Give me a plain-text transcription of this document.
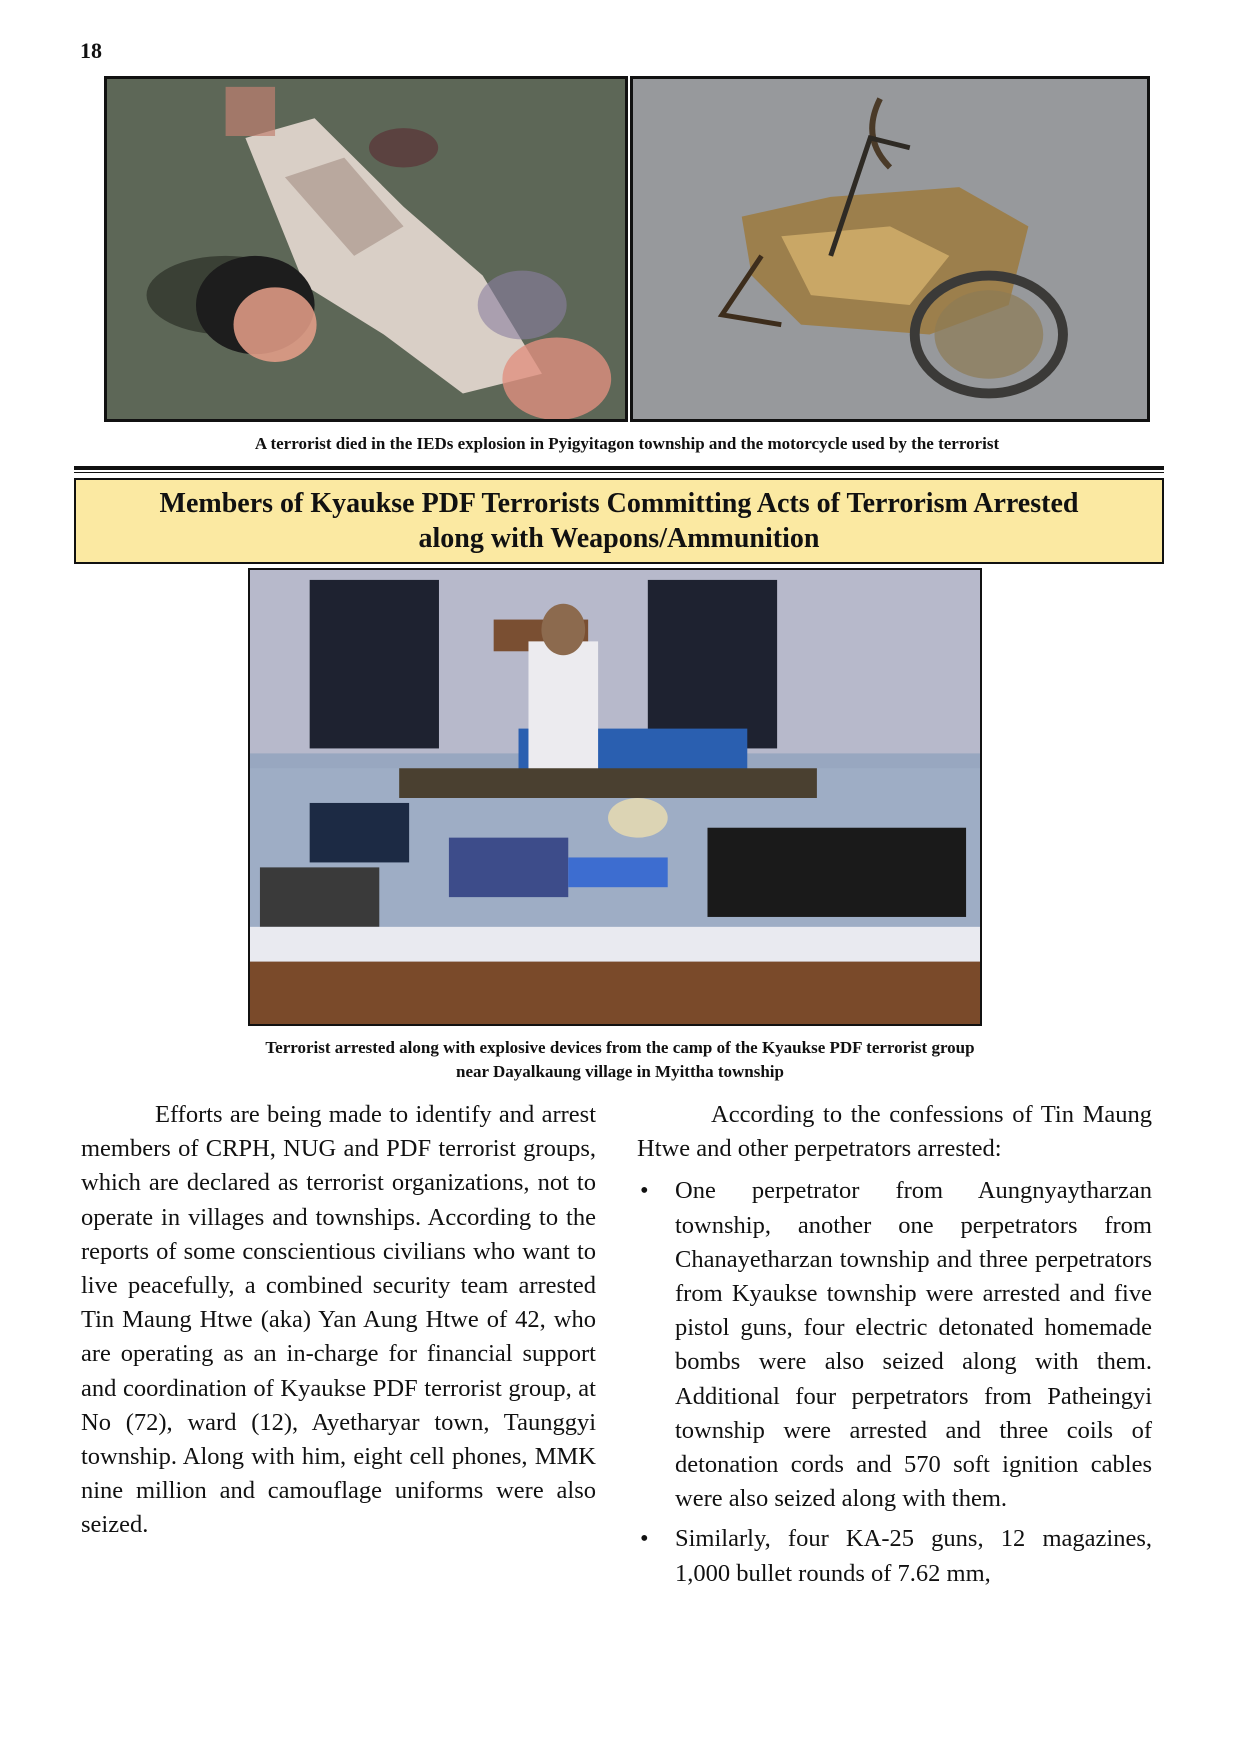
18
A terrorist died in the IEDs explosion in Pyigyitagon township and the motorcycle used by the terrorist
Members of Kyaukse PDF Terrorists Committing Acts of Terrorism Arrested
along with Weapons/Ammunition
Terrorist arrested along with explosive devices from the camp of the Kyaukse PDF terrorist group
near Dayalkaung village in Myittha township

Efforts are being made to identify and arrest members of CRPH, NUG and PDF terrorist groups, which are declared as terrorist organizations, not to operate in villages and townships. According to the reports of some conscientious civilians who want to live peacefully, a combined security team arrested Tin Maung Htwe (aka) Yan Aung Htwe of 42, who are operating as an in-charge for financial support and coordination of Kyaukse PDF terrorist group, at No (72), ward (12), Ayetharyar town, Taunggyi township. Along with him, eight cell phones, MMK nine million and camouflage uniforms were also seized.

According to the confessions of Tin Maung Htwe and other perpetrators arrested:

• One perpetrator from Aungnyaytharzan township, another one perpetrators from Chanayetharzan township and three perpetrators from Kyaukse township were arrested and five pistol guns, four electric detonated homemade bombs were also seized along with them. Additional four perpetrators from Patheingyi township were arrested and three coils of detonation cords and 570 soft ignition cables were also seized along with them.
• Similarly, four KA-25 guns, 12 magazines, 1,000 bullet rounds of 7.62 mm,
